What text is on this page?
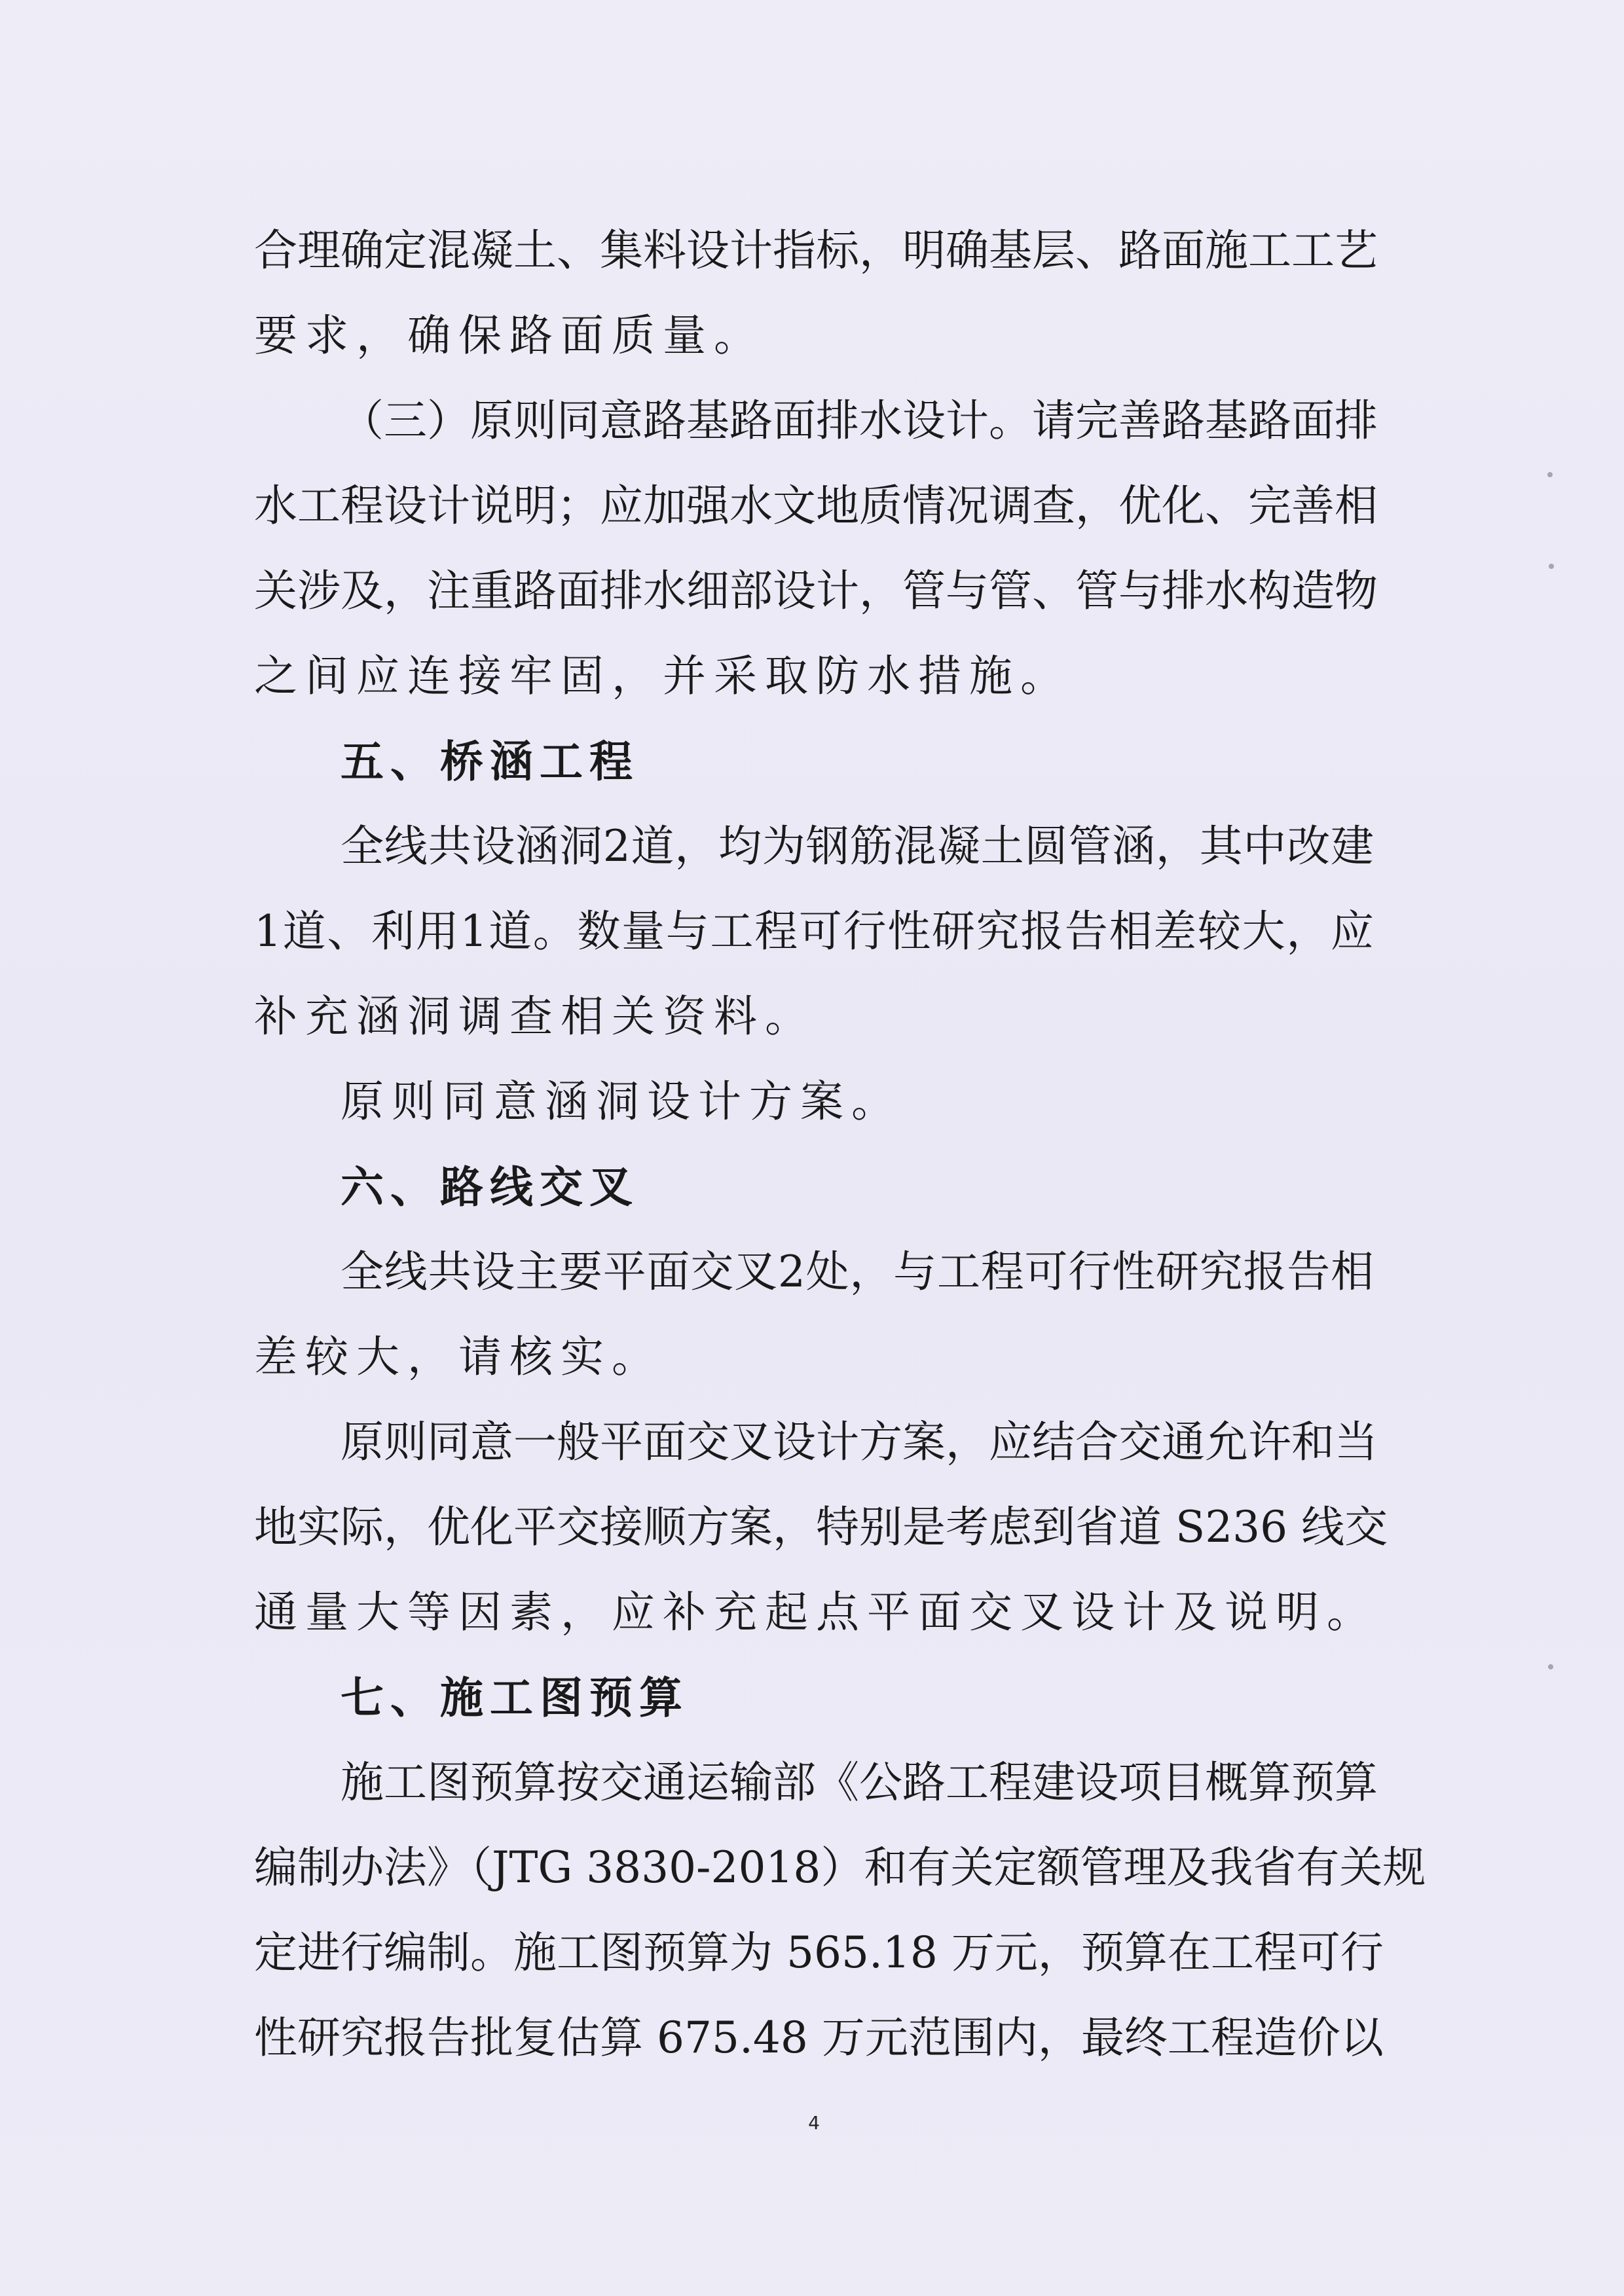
合理确定混凝土、集料设计指标，明确基层、路面施工工艺
要求，确保路面质量。
（三）原则同意路基路面排水设计。请完善路基路面排
水工程设计说明；应加强水文地质情况调查，优化、完善相
关涉及，注重路面排水细部设计，管与管、管与排水构造物
之间应连接牢固，并采取防水措施。
五、桥涵工程
全线共设涵洞2道，均为钢筋混凝土圆管涵，其中改建
1道、利用1道。数量与工程可行性研究报告相差较大，应
补充涵洞调查相关资料。
原则同意涵洞设计方案。
六、路线交叉
全线共设主要平面交叉2处，与工程可行性研究报告相
差较大，请核实。
原则同意一般平面交叉设计方案，应结合交通允许和当
地实际，优化平交接顺方案，特别是考虑到省道 S236 线交
通量大等因素，应补充起点平面交叉设计及说明。
七、施工图预算
施工图预算按交通运输部《公路工程建设项目概算预算
编制办法》（JTG 3830-2018）和有关定额管理及我省有关规
定进行编制。施工图预算为 565.18 万元，预算在工程可行
性研究报告批复估算 675.48 万元范围内，最终工程造价以
4
